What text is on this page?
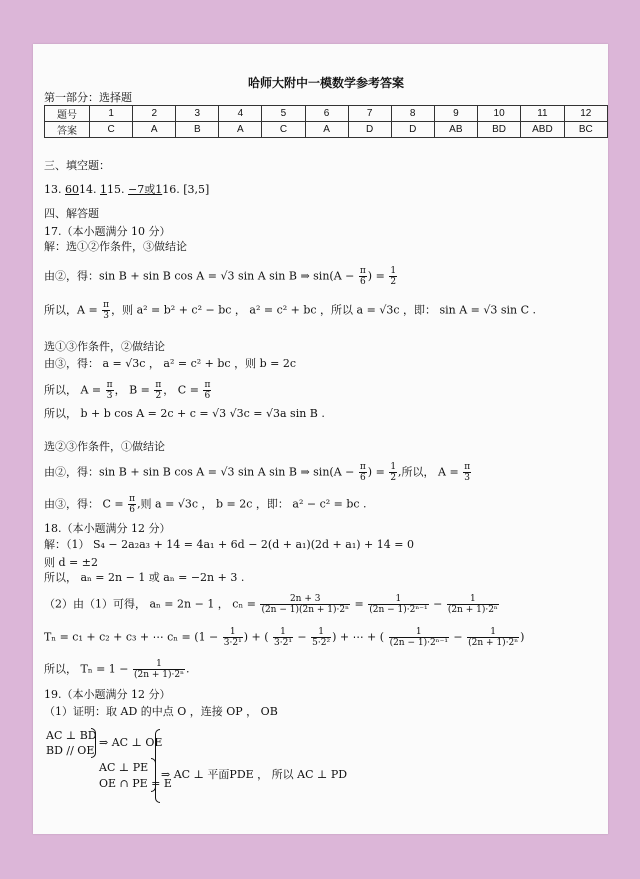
哈师大附中一模数学参考答案
第一部分：选择题
题号	1	2	3	4	5	6	7	8	9	10	11	12
答案	C	A	B	A	C	A	D	D	AB	BD	ABD	BC
三、填空题：
13. 6014. 115. −7或116. [3,5]
四、解答题
17.（本小题满分 10 分）
解：选①②作条件，③做结论
由②，得：sin B + sin B cos A = √3 sin A sin B ⇒ $\sin(A - \frac{\pi}{6}$ ) = $\frac{1}{2}$
所以，$A = \frac{\pi}{3}$ ，则 a² = b² + c² − bc ， a² = c² + bc ，所以 a = √3c ，即： sin A = √3 sin C .
选①③作条件，②做结论
由③，得： a = √3c ， a² = c² + bc ，则 b = 2c
所以， $A = \frac{\pi}{3}$ ， $B = \frac{\pi}{2}$ ， $C = \frac{\pi}{6}$
所以， b + b cos A = 2c + c = √3 √3c = √3a sin B .
选②③作条件，①做结论
由②，得：sin B + sin B cos A = √3 sin A sin B ⇒ $\sin(A - \frac{\pi}{6}$ ) = $\frac{1}{2}$ ,所以， $A = \frac{\pi}{3}$
由③，得： $C = \frac{\pi}{6}$ ,则 a = √3c ， b = 2c ，即： a² − c² = bc .
18.（本小题满分 12 分）
解：（1） S₄ − 2a₂a₃ + 14 = 4a₁ + 6d − 2(d + a₁)(2d + a₁) + 14 = 0
则 d = ±2
所以， aₙ = 2n − 1 或 aₙ = −2n + 3 .
（2）由（1）可得， aₙ = 2n − 1 ， $c_n = \frac{2n + 3}{\text{(2n − 1)(2n + 1)·2ⁿ}} = \frac{1}{\text{(2n − 1)·2ⁿ⁻¹}} - \frac{1}{\text{(2n + 1)·2ⁿ}}$
Tₙ = c₁ + c₂ + c₃ + ⋯ $c_n = (1 - \frac{1}{\text{3·2¹}}$ ) + ( $\frac{1}{\text{3·2¹}} - \frac{1}{\text{5·2²}}$ ) + ⋯ + ( $\frac{1}{\text{(2n − 1)·2ⁿ⁻¹}} - \frac{1}{\text{(2n + 1)·2ⁿ}}$ )
所以， $T_n = 1 - \frac{1}{\text{(2n + 1)·2ⁿ}}$ .
19.（本小题满分 12 分）
（1）证明：取 AD 的中点 O ，连接 OP ， OB
AC ⊥ BD
BD // OE
⇒ AC ⊥ OE
AC ⊥ PE
OE ∩ PE = E
⇒ AC ⊥ 平面PDE ， 所以 AC ⊥ PD
